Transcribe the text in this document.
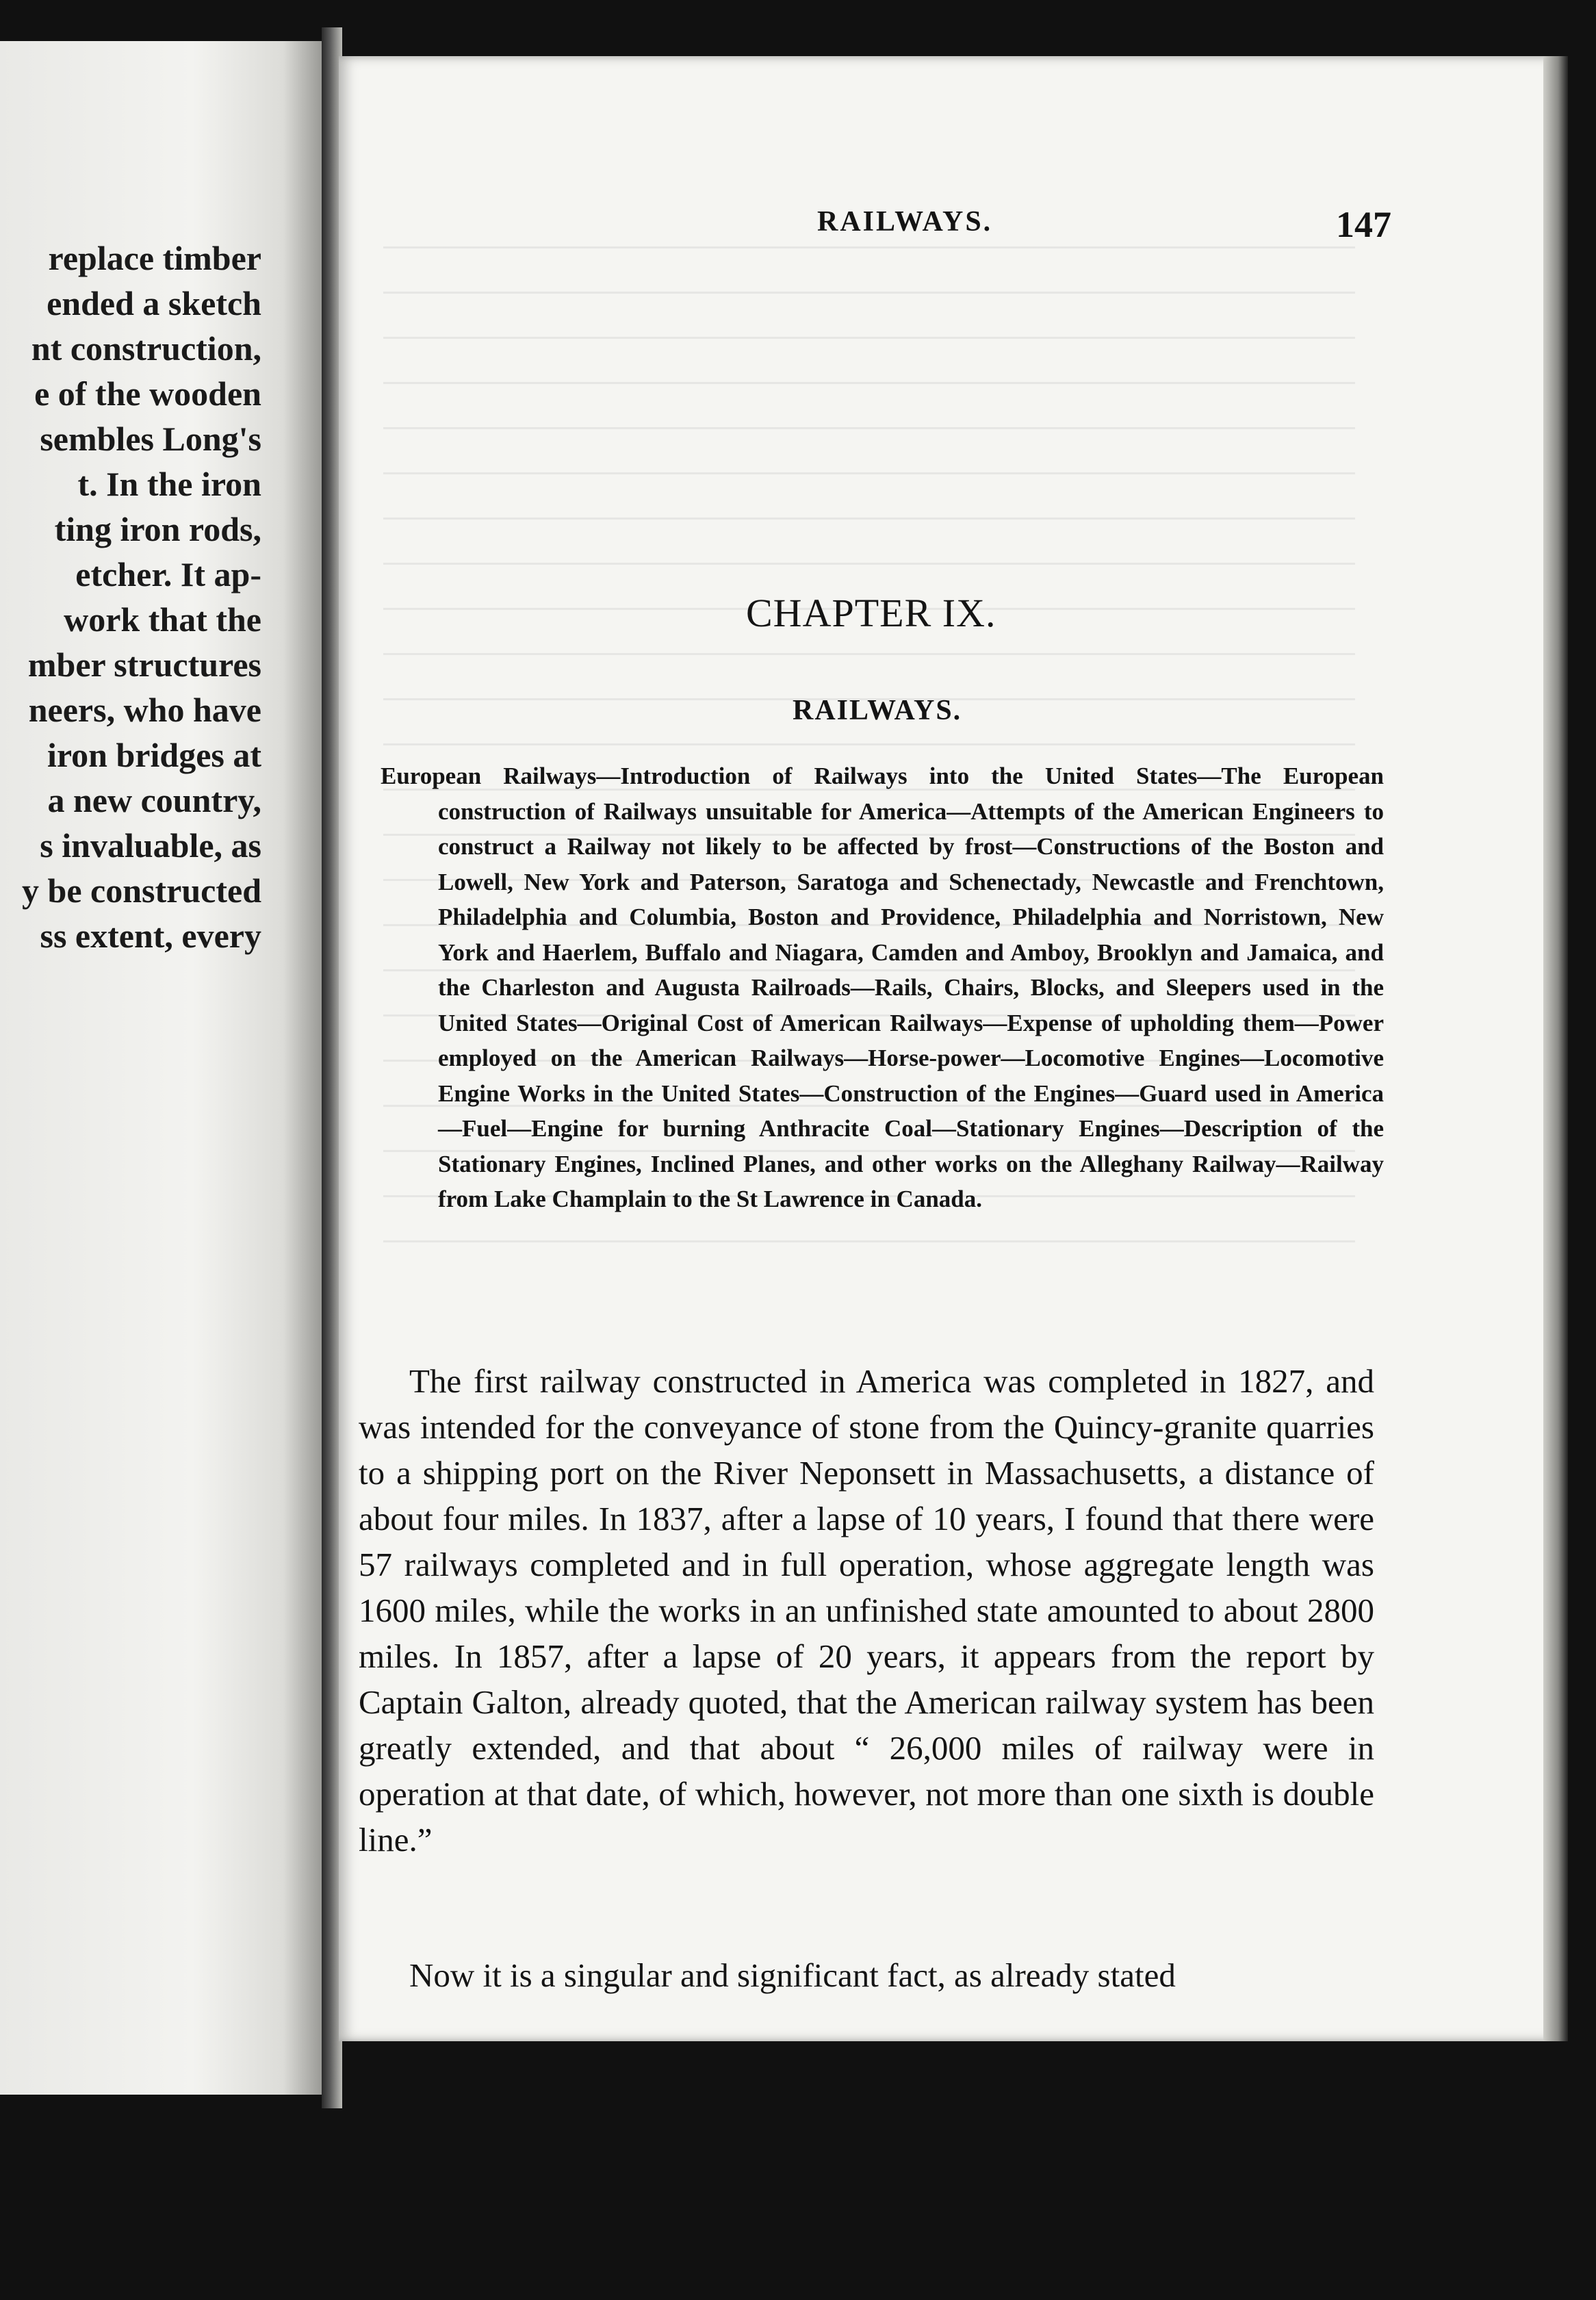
replace timber
ended a sketch
nt construction,
e of the wooden
sembles Long's
t. In the iron
ting iron rods,
etcher. It ap-
work that the
mber structures
neers, who have
iron bridges at
a new country,
s invaluable, as
y be constructed
ss extent, every
RAILWAYS.	147
CHAPTER IX.
RAILWAYS.
European Railways—Introduction of Railways into the United States—The European construction of Railways unsuitable for America—Attempts of the American Engineers to construct a Railway not likely to be affected by frost—Constructions of the Boston and Lowell, New York and Paterson, Saratoga and Schenectady, Newcastle and Frenchtown, Philadelphia and Columbia, Boston and Providence, Philadelphia and Norristown, New York and Haerlem, Buffalo and Niagara, Camden and Amboy, Brooklyn and Jamaica, and the Charleston and Augusta Railroads—Rails, Chairs, Blocks, and Sleepers used in the United States—Original Cost of American Railways—Expense of upholding them—Power employed on the American Railways—Horse-power—Locomotive Engines—Locomotive Engine Works in the United States—Construction of the Engines—Guard used in America—Fuel—Engine for burning Anthracite Coal—Stationary Engines—Description of the Stationary Engines, Inclined Planes, and other works on the Alleghany Railway—Railway from Lake Champlain to the St Lawrence in Canada.
The first railway constructed in America was completed in 1827, and was intended for the conveyance of stone from the Quincy-granite quarries to a shipping port on the River Neponsett in Massachusetts, a distance of about four miles. In 1837, after a lapse of 10 years, I found that there were 57 railways completed and in full operation, whose aggregate length was 1600 miles, while the works in an unfinished state amounted to about 2800 miles. In 1857, after a lapse of 20 years, it appears from the report by Captain Galton, already quoted, that the American railway system has been greatly extended, and that about “ 26,000 miles of railway were in operation at that date, of which, however, not more than one sixth is double line.”
Now it is a singular and significant fact, as already stated
